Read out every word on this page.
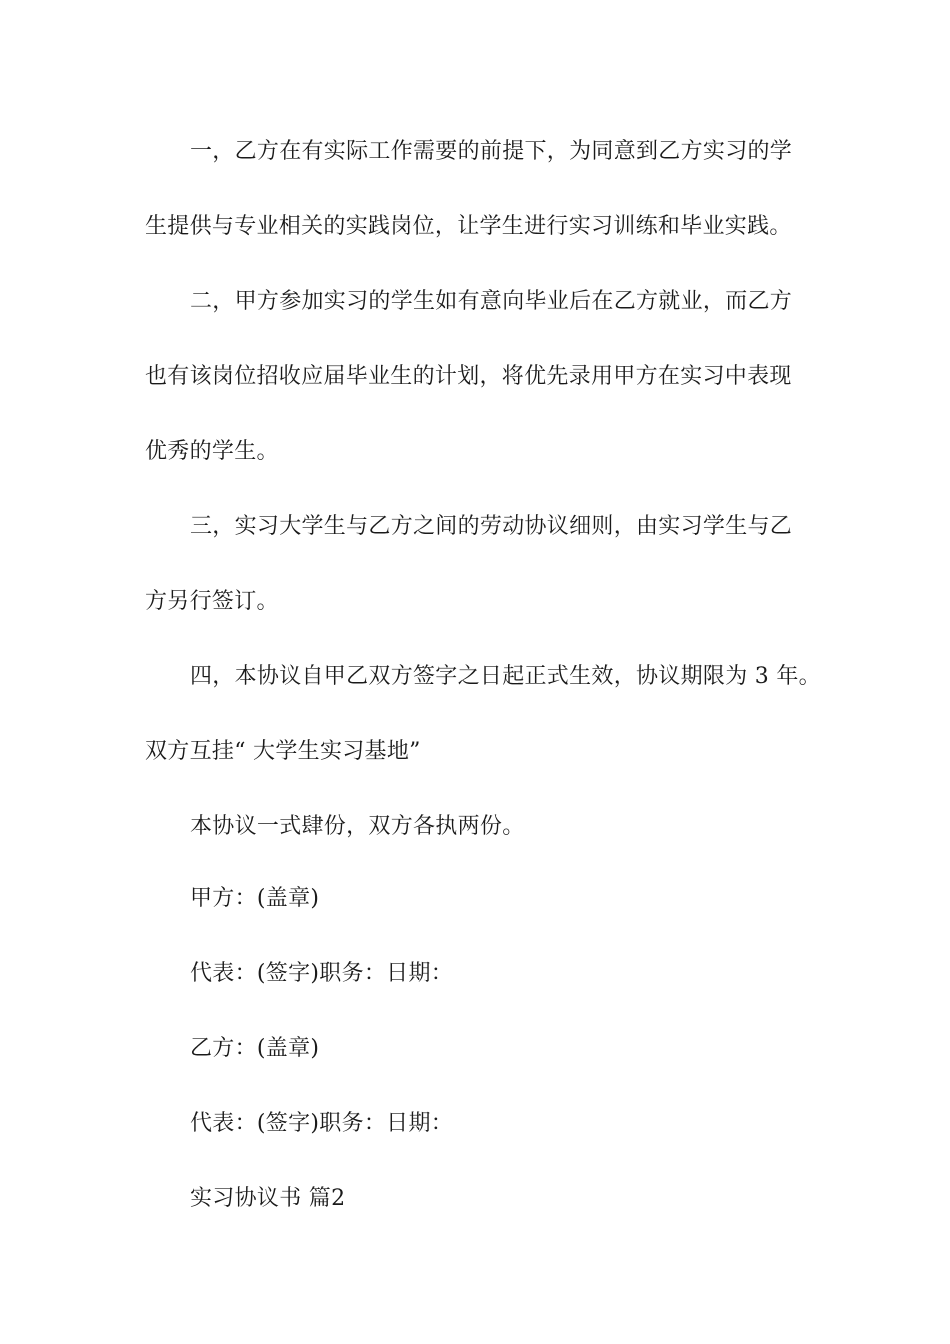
一，乙方在有实际工作需要的前提下，为同意到乙方实习的学
生提供与专业相关的实践岗位，让学生进行实习训练和毕业实践。
二，甲方参加实习的学生如有意向毕业后在乙方就业，而乙方
也有该岗位招收应届毕业生的计划，将优先录用甲方在实习中表现
优秀的学生。
三，实习大学生与乙方之间的劳动协议细则，由实习学生与乙
方另行签订。
四，本协议自甲乙双方签字之日起正式生效，协议期限为 3 年。
双方互挂“ 大学生实习基地”
本协议一式肆份，双方各执两份。
甲方：(盖章)
代表：(签字)职务：日期：
乙方：(盖章)
代表：(签字)职务：日期：
实习协议书 篇2
